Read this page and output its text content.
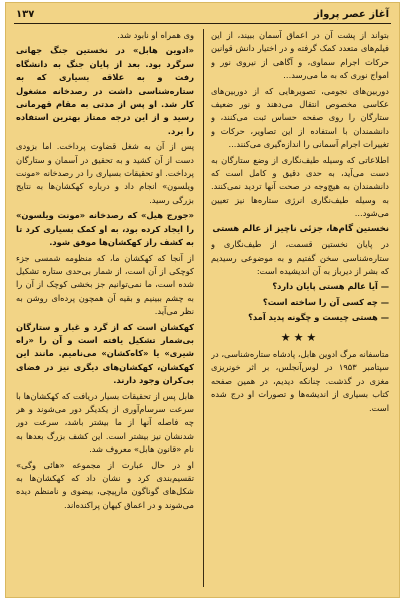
آغاز عصر پرواز
۱۳۷

بتواند از پشت آن در اعماق آسمان ببیند، از این فیلم‌های متعدد کمک گرفته و در اختیار دانش قوانین حرکات اجرام سماوی، و آگاهی از نیروی نور و امواج نوری که به ما می‌رسد...

دوربین‌های نجومی، تصویرهایی که از دوربین‌های عکاسی مخصوص انتقال می‌دهند و نور ضعیف ستارگان را روی صفحه حساس ثبت می‌کنند، و دانشمندان با استفاده از این تصاویر، حرکات و تغییرات اجرام آسمانی را اندازه‌گیری می‌کنند...

اطلاعاتی که وسیله طیف‌نگاری از وضع ستارگان به دست می‌آید، به حدی دقیق و کامل است که دانشمندان به هیچ‌وجه در صحت آنها تردید نمی‌کنند. به وسیله طیف‌نگاری انرژی ستاره‌ها نیز تعیین می‌شود...

نخستین گام‌ها، جزئی ناچیز از عالم هستی

در پایان نخستین قسمت، از طیف‌نگاری و ستاره‌شناسی سخن گفتیم و به موضوعی رسیدیم که بشر از دیرباز به آن اندیشیده است:

— آیا عالم هستی پایان دارد؟

— چه کسی آن را ساخته است؟

— هستی چیست و چگونه پدید آمد؟

★★★

متاسفانه مرگ ادوین هابل، پادشاه ستاره‌شناسی، در سپتامبر ۱۹۵۳ در لوس‌آنجلس، بر اثر خونریزی مغزی در گذشت. چنانکه دیدیم، در همین صفحه کتاب بسیاری از اندیشه‌ها و تصورات او درج شده است.

وی همراه او نابود شد.

«ادوین هابل» در نخستین جنگ جهانی سرگرد بود. بعد از پایان جنگ به دانشگاه رفت و به علاقه بسیاری که به ستاره‌شناسی داشت در رصدخانه مشغول کار شد. او پس از مدتی به مقام قهرمانی رسید و از این درجه ممتاز بهترین استفاده را برد.

پس از آن به شغل قضاوت پرداخت. اما بزودی دست از آن کشید و به تحقیق در آسمان و ستارگان پرداخت. او تحقیقات بسیاری را در رصدخانه «مونت ویلسون» انجام داد و درباره کهکشان‌ها به نتایج بزرگی رسید.

«جورج هیل» که رصدخانه «مونت ویلسون» را ایجاد کرده بود، به او کمک بسیاری کرد تا به کشف راز کهکشان‌ها موفق شود.

از آنجا که کهکشان ما، که منظومه شمسی جزء کوچکی از آن است، از شمار بی‌حدی ستاره تشکیل شده است، ما نمی‌توانیم جز بخشی کوچک از آن را به چشم ببینیم و بقیه آن همچون پرده‌ای روشن به نظر می‌آید.

کهکشان است که از گرد و غبار و ستارگان بی‌شمار تشکیل یافته است و آن را «راه شیری» یا «کاه‌کشان» می‌نامیم. مانند این کهکشان، کهکشان‌های دیگری نیز در فضای بی‌کران وجود دارند.

هابل پس از تحقیقات بسیار دریافت که کهکشان‌ها با سرعت سرسام‌آوری از یکدیگر دور می‌شوند و هر چه فاصله آنها از ما بیشتر باشد، سرعت دور شدنشان نیز بیشتر است. این کشف بزرگ بعدها به نام «قانون هابل» معروف شد.

او در حال عبارت از مجموعه «هائی وگی» تقسیم‌بندی کرد و نشان داد که کهکشان‌ها به شکل‌های گوناگون مارپیچی، بیضوی و نامنظم دیده می‌شوند و در اعماق کیهان پراکنده‌اند.
